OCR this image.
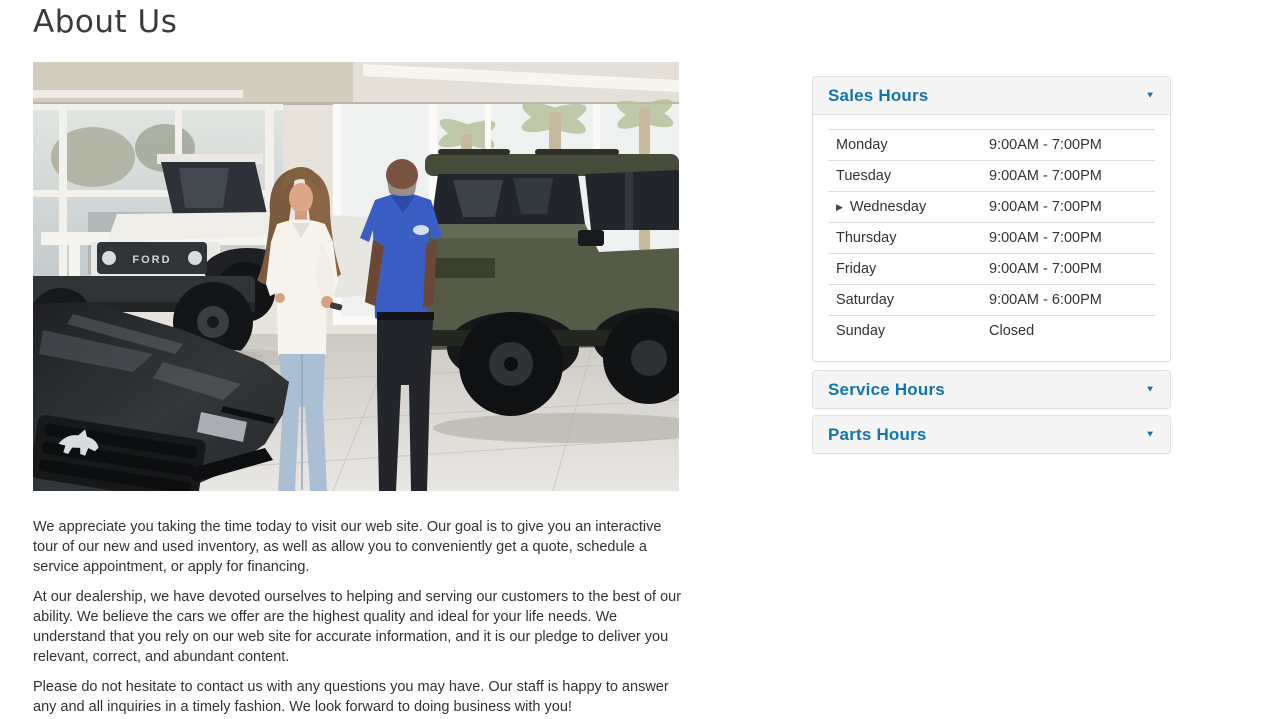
About Us
FORD

We appreciate you taking the time today to visit our web site. Our goal is to give you an interactive tour of our new and used inventory, as well as allow you to conveniently get a quote, schedule a service appointment, or apply for financing.

At our dealership, we have devoted ourselves to helping and serving our customers to the best of our ability. We believe the cars we offer are the highest quality and ideal for your life needs. We understand that you rely on our web site for accurate information, and it is our pledge to deliver you relevant, correct, and abundant content.

Please do not hesitate to contact us with any questions you may have. Our staff is happy to answer any and all inquiries in a timely fashion. We look forward to doing business with you!

Sales Hours	▼
Monday	9:00AM - 7:00PM
Tuesday	9:00AM - 7:00PM
▶ Wednesday	9:00AM - 7:00PM
Thursday	9:00AM - 7:00PM
Friday	9:00AM - 7:00PM
Saturday	9:00AM - 6:00PM
Sunday	Closed
Service Hours	▼
Parts Hours	▼
